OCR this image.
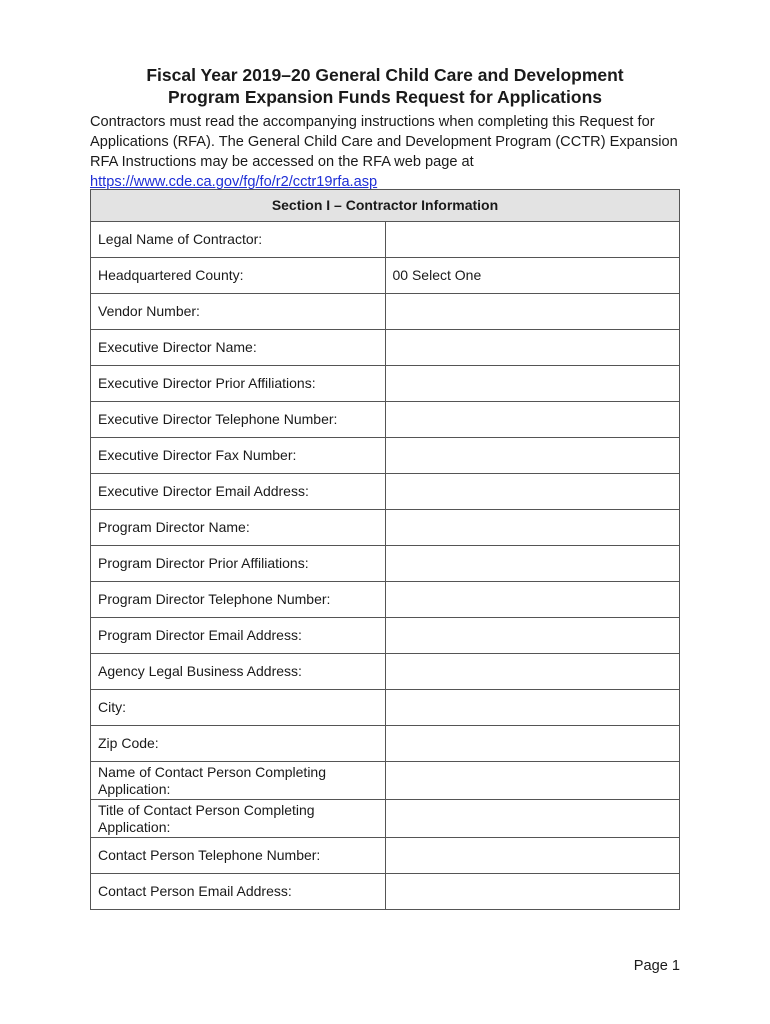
Fiscal Year 2019–20 General Child Care and Development
Program Expansion Funds Request for Applications

Contractors must read the accompanying instructions when completing this Request for Applications (RFA). The General Child Care and Development Program (CCTR) Expansion RFA Instructions may be accessed on the RFA web page at https://www.cde.ca.gov/fg/fo/r2/cctr19rfa.asp

Section I – Contractor Information	
Legal Name of Contractor:	
Headquartered County:	00 Select One
Vendor Number:	
Executive Director Name:	
Executive Director Prior Affiliations:	
Executive Director Telephone Number:	
Executive Director Fax Number:	
Executive Director Email Address:	
Program Director Name:	
Program Director Prior Affiliations:	
Program Director Telephone Number:	
Program Director Email Address:	
Agency Legal Business Address:	
City:	
Zip Code:	
Name of Contact Person Completing Application:	
Title of Contact Person Completing Application:	
Contact Person Telephone Number:	
Contact Person Email Address:	
Page 1
